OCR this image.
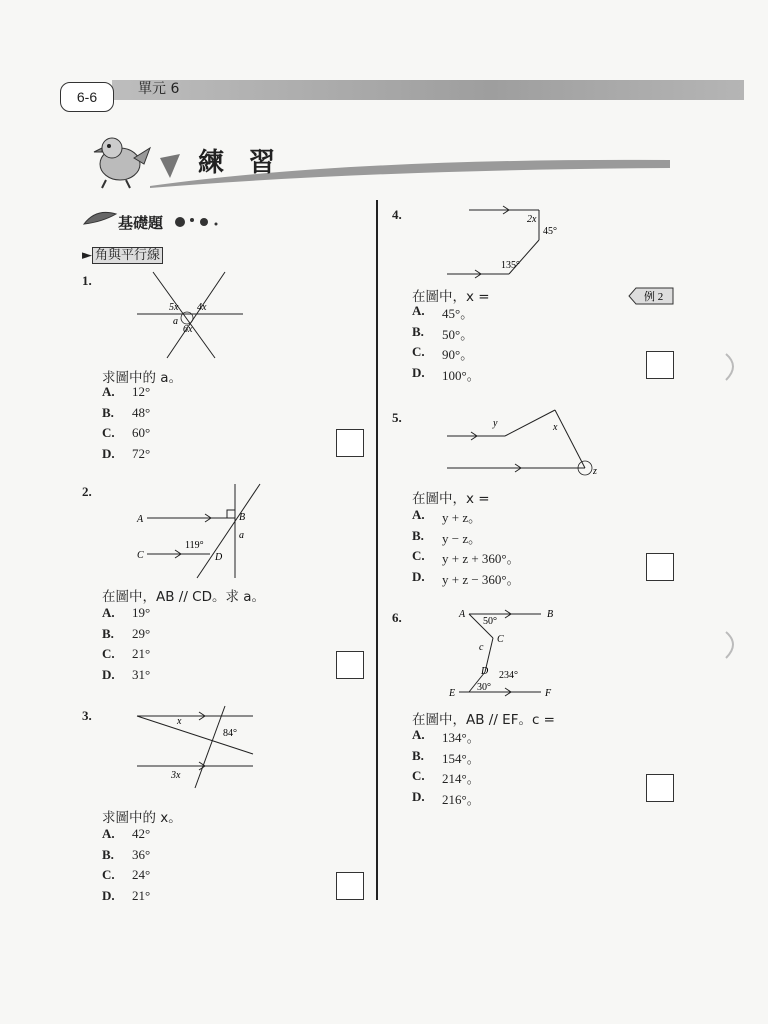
6-6	單元 6
練 習
基礎題
► 角與平行線
1.
5x 4x
a
6x
求圖中的 a。
A.	12°
B.	48°
C.	60°
D.	72°
2.
A	B
C	D
119°
a
在圖中，AB // CD。求 a。
A.	19°
B.	29°
C.	21°
D.	31°
3.	x
84°
3x
求圖中的 x。
A.	42°
B.	36°
C.	24°
D.	21°
4.	2x
45°
135°
在圖中，x =	例 2
A.	45°。
B.	50°。
C.	90°。
D.	100°。
5.	y	x
z
在圖中，x =
A.	y + z。
B.	y − z。
C.	y + z + 360°。
D.	y + z − 360°。
6.	A	B
50°
C
c
D 234°
30°
E	F
在圖中，AB // EF。c =
A.	134°。
B.	154°。
C.	214°。
D.	216°。
